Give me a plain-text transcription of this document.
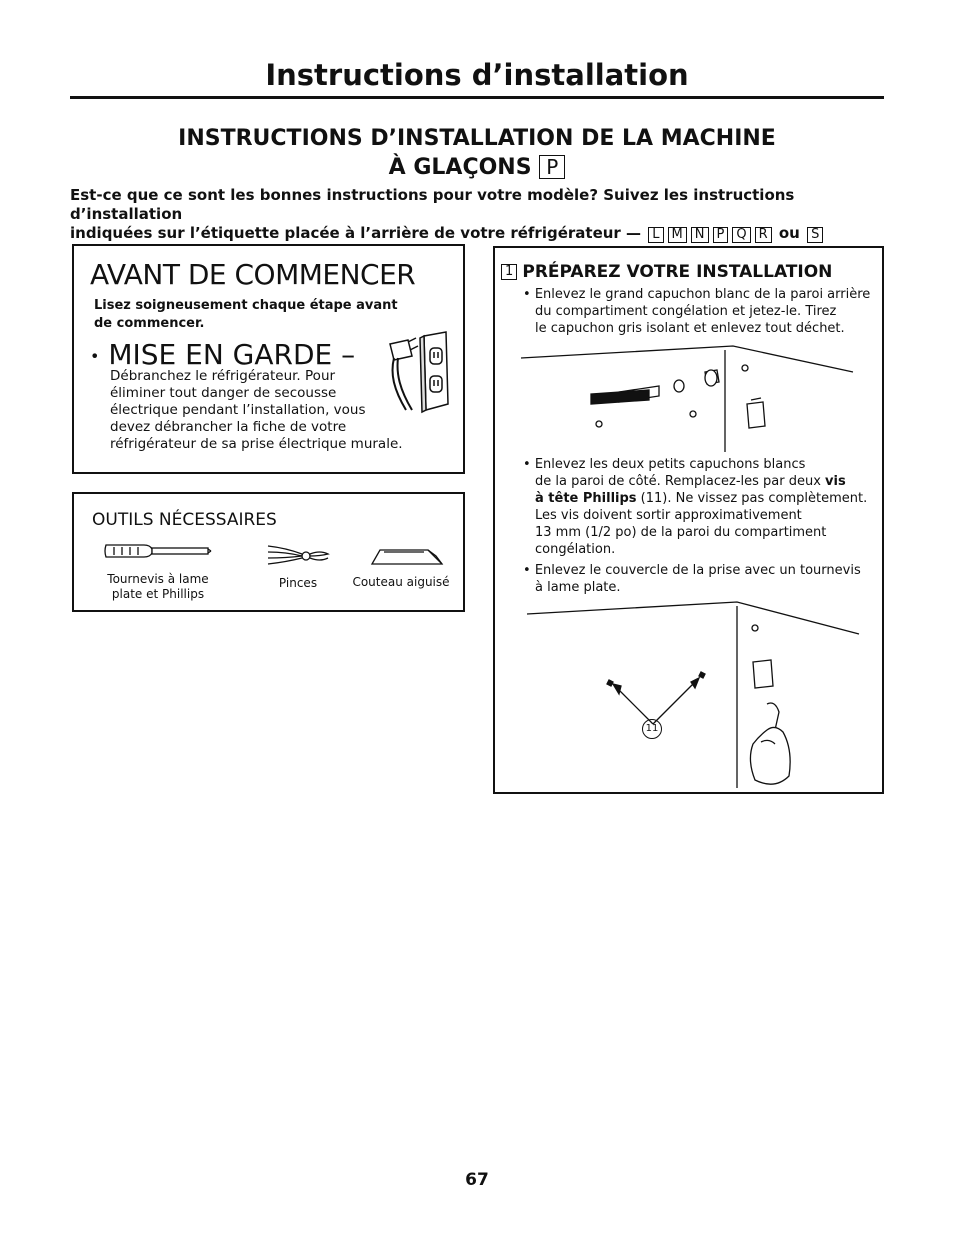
Instructions d’installation
INSTRUCTIONS D’INSTALLATION DE LA MACHINE
À GLAÇONS P
Est-ce que ce sont les bonnes instructions pour votre modèle? Suivez les instructions d’installation
indiquées sur l’étiquette placée à l’arrière de votre réfrigérateur — L M N P Q R ou S
AVANT DE COMMENCER
Lisez soigneusement chaque étape avant
de commencer.
• MISE EN GARDE –
Débranchez le réfrigérateur. Pour
éliminer tout danger de secousse
électrique pendant l’installation, vous
devez débrancher la fiche de votre
réfrigérateur de sa prise électrique murale.
OUTILS NÉCESSAIRES
Tournevis à lame
plate et Phillips
Pinces	Couteau aiguisé
1 PRÉPAREZ VOTRE INSTALLATION
• Enlevez le grand capuchon blanc de la paroi arrière
du compartiment congélation et jetez-le. Tirez
le capuchon gris isolant et enlevez tout déchet.
• Enlevez les deux petits capuchons blancs
de la paroi de côté. Remplacez-les par deux vis
à tête Phillips (11). Ne vissez pas complètement.
Les vis doivent sortir approximativement
13 mm (1/2 po) de la paroi du compartiment
congélation.
• Enlevez le couvercle de la prise avec un tournevis
à lame plate.
11
67
